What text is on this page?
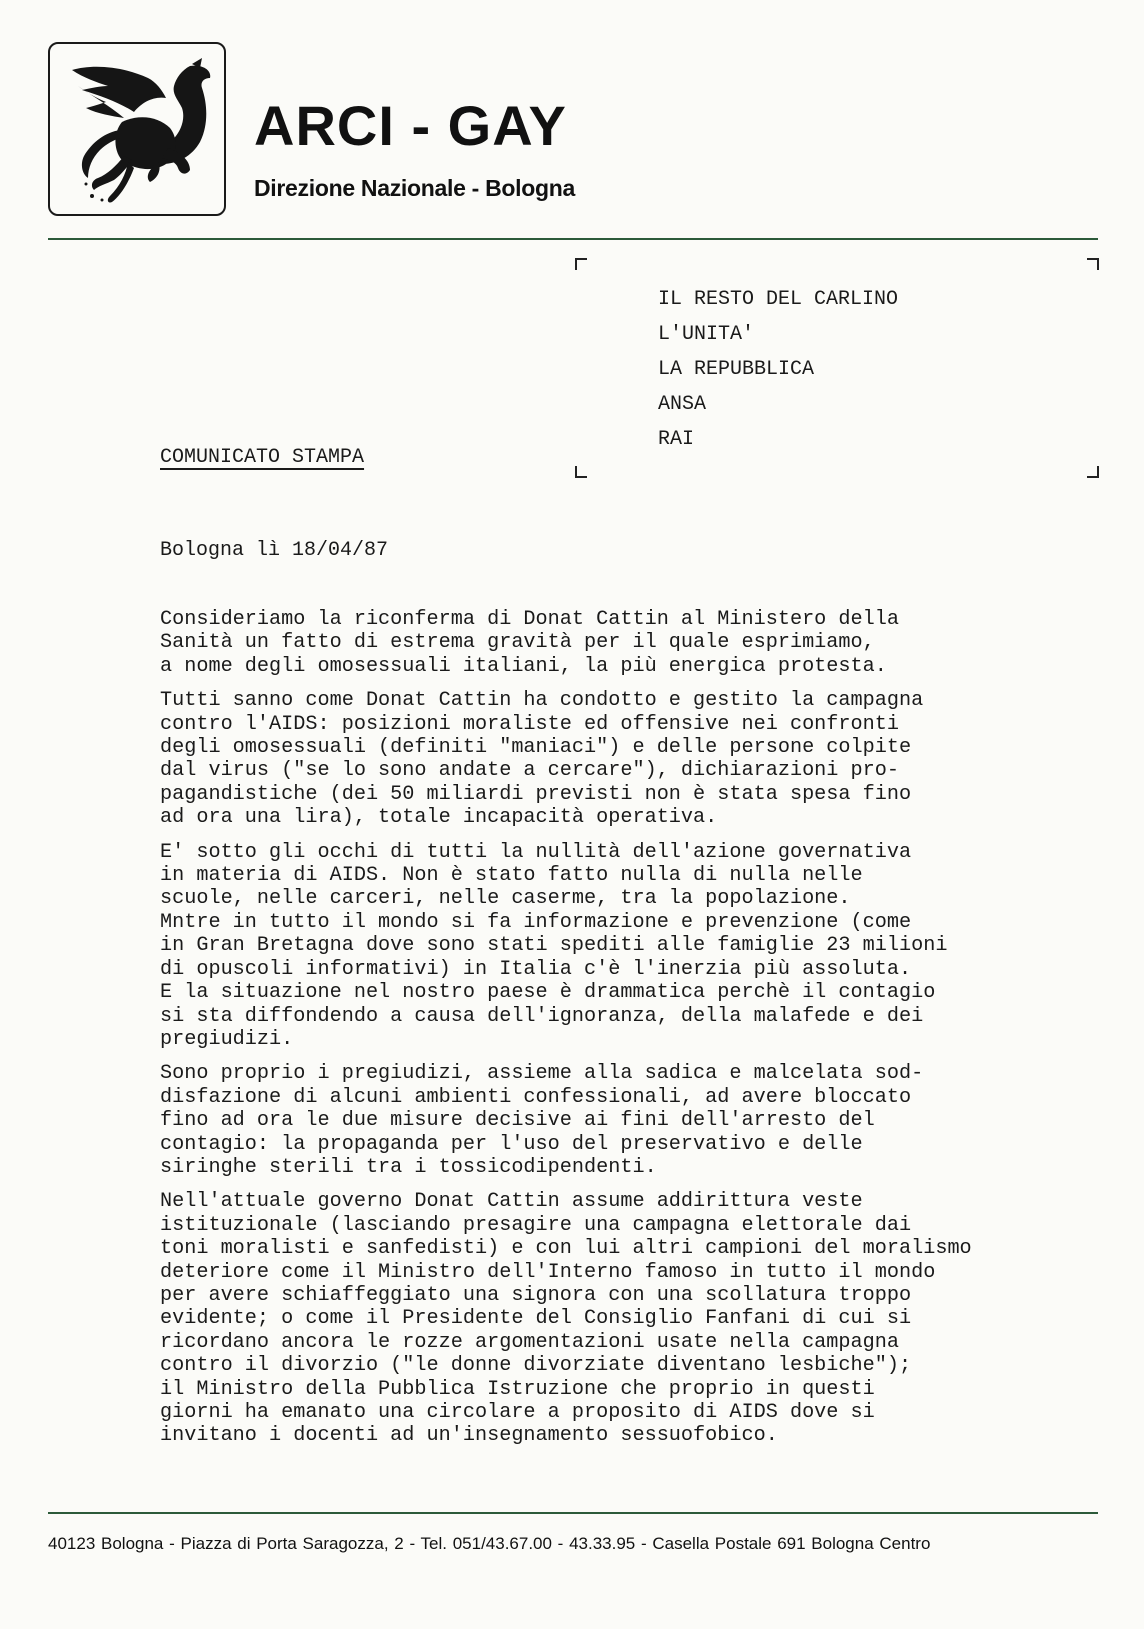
ARCI - GAY
Direzione Nazionale - Bologna
IL RESTO DEL CARLINO
L'UNITA'
LA REPUBBLICA
ANSA
RAI
COMUNICATO STAMPA
Bologna lì 18/04/87

Consideriamo la riconferma di Donat Cattin al Ministero della
Sanità un fatto di estrema gravità per il quale esprimiamo,
a nome degli omosessuali italiani, la più energica protesta.

Tutti sanno come Donat Cattin ha condotto e gestito la campagna
contro l'AIDS: posizioni moraliste ed offensive nei confronti
degli omosessuali (definiti "maniaci") e delle persone colpite
dal virus ("se lo sono andate a cercare"), dichiarazioni pro-
pagandistiche (dei 50 miliardi previsti non è stata spesa fino
ad ora una lira), totale incapacità operativa.

E' sotto gli occhi di tutti la nullità dell'azione governativa
in materia di AIDS. Non è stato fatto nulla di nulla nelle
scuole, nelle carceri, nelle caserme, tra la popolazione.
Mntre in tutto il mondo si fa informazione e prevenzione (come
in Gran Bretagna dove sono stati spediti alle famiglie 23 milioni
di opuscoli informativi) in Italia c'è l'inerzia più assoluta.
E la situazione nel nostro paese è drammatica perchè il contagio
si sta diffondendo a causa dell'ignoranza, della malafede e dei
pregiudizi.

Sono proprio i pregiudizi, assieme alla sadica e malcelata sod-
disfazione di alcuni ambienti confessionali, ad avere bloccato
fino ad ora le due misure decisive ai fini dell'arresto del
contagio: la propaganda per l'uso del preservativo e delle
siringhe sterili tra i tossicodipendenti.

Nell'attuale governo Donat Cattin assume addirittura veste
istituzionale (lasciando presagire una campagna elettorale dai
toni moralisti e sanfedisti) e con lui altri campioni del moralismo
deteriore come il Ministro dell'Interno famoso in tutto il mondo
per avere schiaffeggiato una signora con una scollatura troppo
evidente; o come il Presidente del Consiglio Fanfani di cui si
ricordano ancora le rozze argomentazioni usate nella campagna
contro il divorzio ("le donne divorziate diventano lesbiche");
il Ministro della Pubblica Istruzione che proprio in questi
giorni ha emanato una circolare a proposito di AIDS dove si
invitano i docenti ad un'insegnamento sessuofobico.

40123 Bologna - Piazza di Porta Saragozza, 2 - Tel. 051/43.67.00 - 43.33.95 - Casella Postale 691 Bologna Centro
